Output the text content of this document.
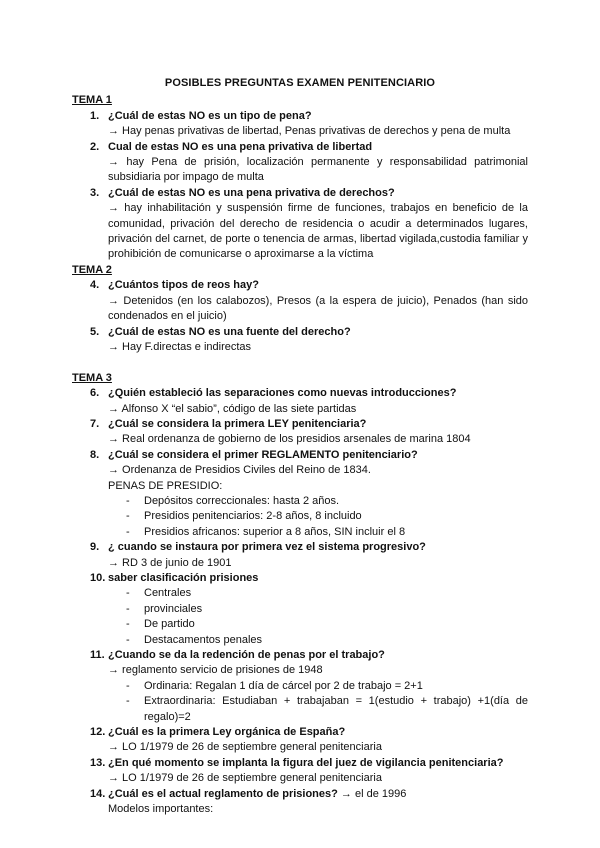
POSIBLES PREGUNTAS EXAMEN PENITENCIARIO
TEMA 1
1. ¿Cuál de estas NO es un tipo de pena?
→ Hay penas privativas de libertad, Penas privativas de derechos y pena de multa
2. Cual de estas NO es una pena privativa de libertad
→ hay Pena de prisión, localización permanente y responsabilidad patrimonial subsidiaria por impago de multa
3. ¿Cuál de estas NO es una pena privativa de derechos?
→ hay inhabilitación y suspensión firme de funciones, trabajos en beneficio de la comunidad, privación del derecho de residencia o acudir a determinados lugares, privación del carnet, de porte o tenencia de armas, libertad vigilada,custodia familiar y prohibición de comunicarse o aproximarse a la víctima
TEMA 2
4. ¿Cuántos tipos de reos hay?
→ Detenidos (en los calabozos), Presos (a la espera de juicio), Penados (han sido condenados en el juicio)
5. ¿Cuál de estas NO es una fuente del derecho?
→ Hay F.directas e indirectas
TEMA 3
6. ¿Quién estableció las separaciones como nuevas introducciones?
→ Alfonso X “el sabio”, código de las siete partidas
7. ¿Cuál se considera la primera LEY penitenciaria?
→ Real ordenanza de gobierno de los presidios arsenales de marina 1804
8. ¿Cuál se considera el primer REGLAMENTO penitenciario?
→ Ordenanza de Presidios Civiles del Reino de 1834.
PENAS DE PRESIDIO:
- Depósitos correccionales: hasta 2 años.
- Presidios penitenciarios: 2-8 años, 8 incluido
- Presidios africanos: superior a 8 años, SIN incluir el 8
9. ¿ cuando se instaura por primera vez el sistema progresivo?
→ RD 3 de junio de 1901
10. saber clasificación prisiones
- Centrales
- provinciales
- De partido
- Destacamentos penales
11. ¿Cuando se da la redención de penas por el trabajo?
→ reglamento servicio de prisiones de 1948
- Ordinaria: Regalan 1 día de cárcel por 2 de trabajo = 2+1
- Extraordinaria: Estudiaban + trabajaban = 1(estudio + trabajo) +1(día de regalo)=2
12. ¿Cuál es la primera Ley orgánica de España?
→ LO 1/1979 de 26 de septiembre general penitenciaria
13. ¿En qué momento se implanta la figura del juez de vigilancia penitenciaria?
→ LO 1/1979 de 26 de septiembre general penitenciaria
14. ¿Cuál es el actual reglamento de prisiones? → el de 1996
Modelos importantes:
